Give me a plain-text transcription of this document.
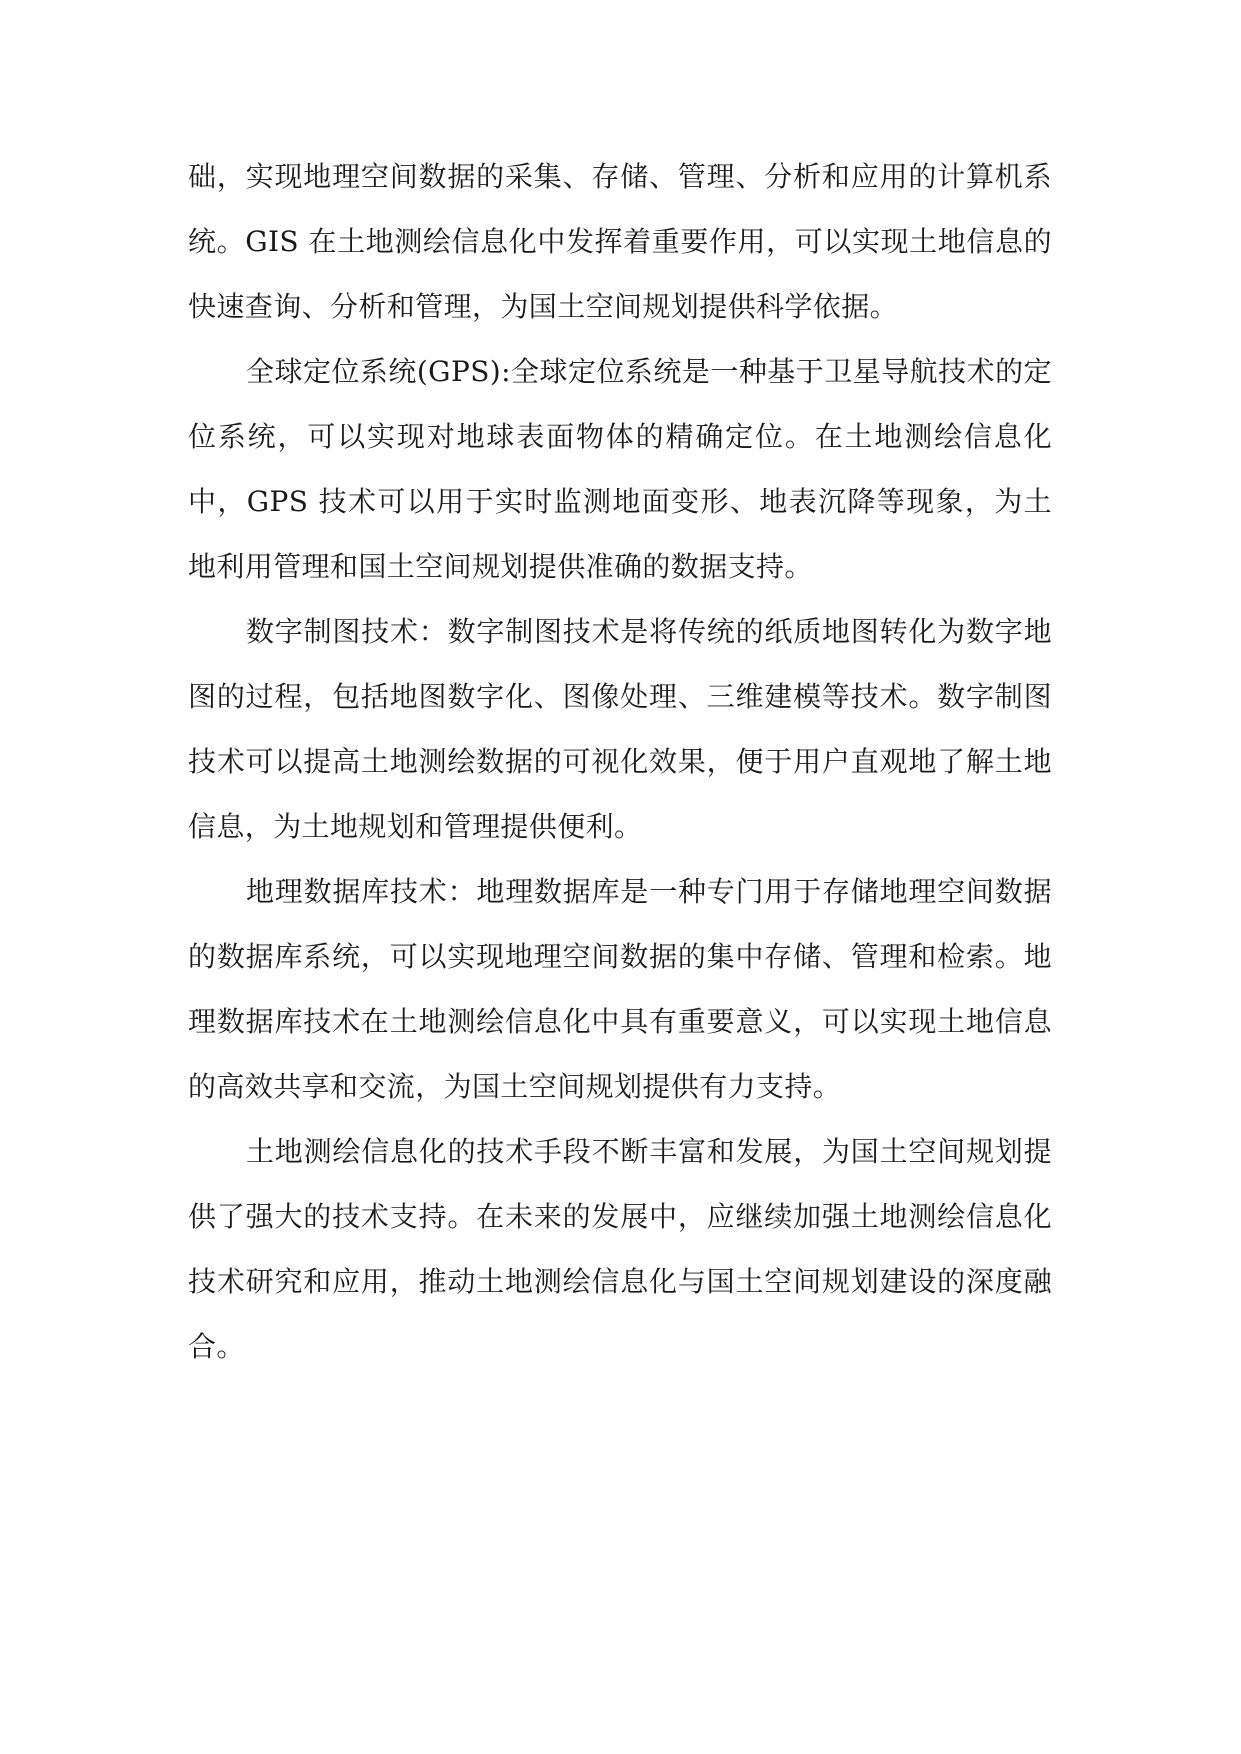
础，实现地理空间数据的采集、存储、管理、分析和应用的计算机系统。GIS 在土地测绘信息化中发挥着重要作用，可以实现土地信息的快速查询、分析和管理，为国土空间规划提供科学依据。

全球定位系统(GPS):全球定位系统是一种基于卫星导航技术的定位系统，可以实现对地球表面物体的精确定位。在土地测绘信息化中，GPS 技术可以用于实时监测地面变形、地表沉降等现象，为土地利用管理和国土空间规划提供准确的数据支持。

数字制图技术：数字制图技术是将传统的纸质地图转化为数字地图的过程，包括地图数字化、图像处理、三维建模等技术。数字制图技术可以提高土地测绘数据的可视化效果，便于用户直观地了解土地信息，为土地规划和管理提供便利。

地理数据库技术：地理数据库是一种专门用于存储地理空间数据的数据库系统，可以实现地理空间数据的集中存储、管理和检索。地理数据库技术在土地测绘信息化中具有重要意义，可以实现土地信息的高效共享和交流，为国土空间规划提供有力支持。

土地测绘信息化的技术手段不断丰富和发展，为国土空间规划提供了强大的技术支持。在未来的发展中，应继续加强土地测绘信息化技术研究和应用，推动土地测绘信息化与国土空间规划建设的深度融合。
